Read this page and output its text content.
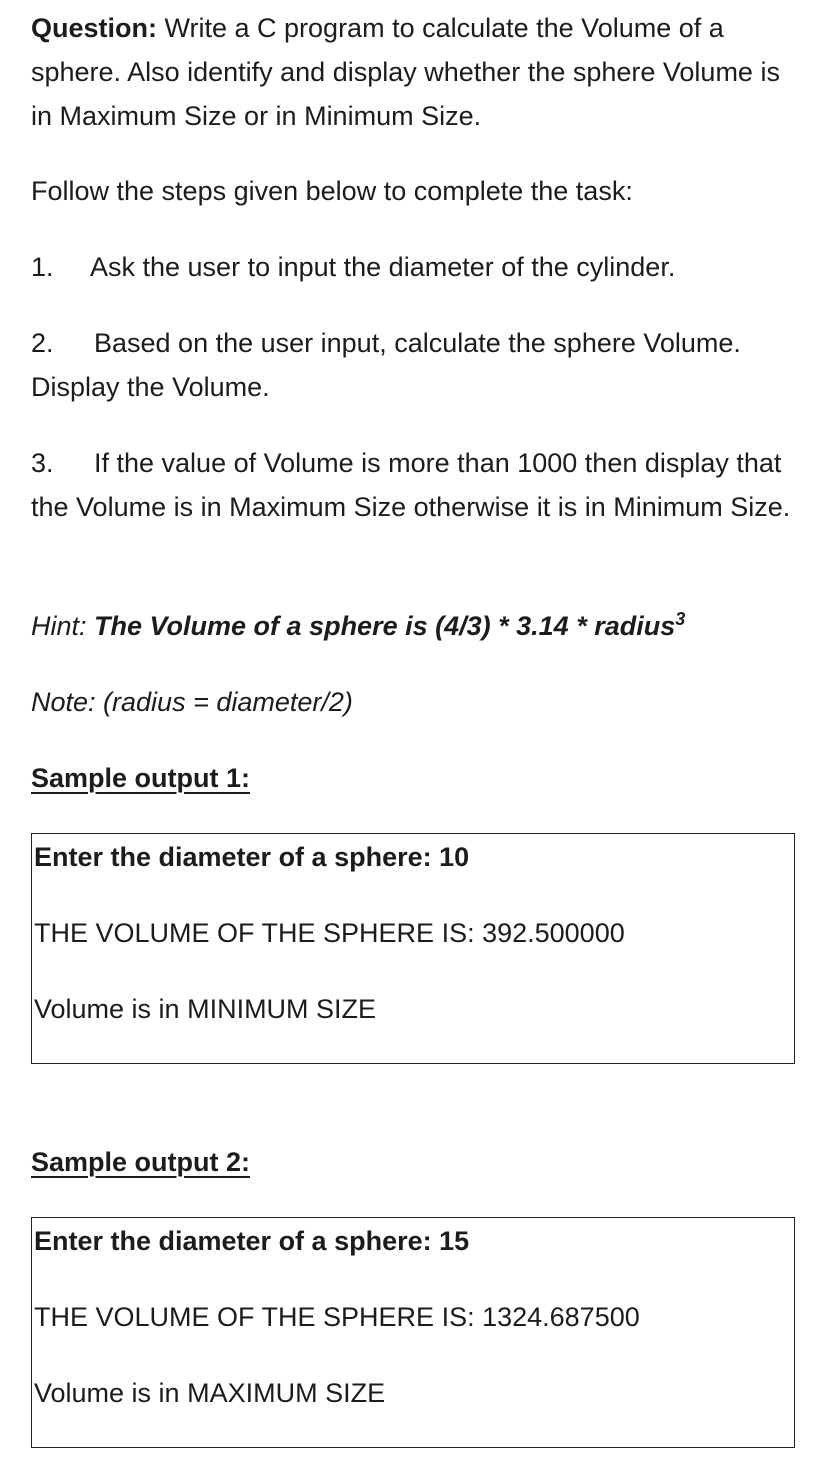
Question: Write a C program to calculate the Volume of a sphere. Also identify and display whether the sphere Volume is in Maximum Size or in Minimum Size.

Follow the steps given below to complete the task:

1. Ask the user to input the diameter of the cylinder.

2. Based on the user input, calculate the sphere Volume. Display the Volume.

3. If the value of Volume is more than 1000 then display that the Volume is in Maximum Size otherwise it is in Minimum Size.

Hint: The Volume of a sphere is (4/3) * 3.14 * radius$^3$

Note: (radius = diameter/2)

Sample output 1:

Enter the diameter of a sphere: 10

THE VOLUME OF THE SPHERE IS: 392.500000

Volume is in MINIMUM SIZE

Sample output 2:

Enter the diameter of a sphere: 15

THE VOLUME OF THE SPHERE IS: 1324.687500

Volume is in MAXIMUM SIZE
